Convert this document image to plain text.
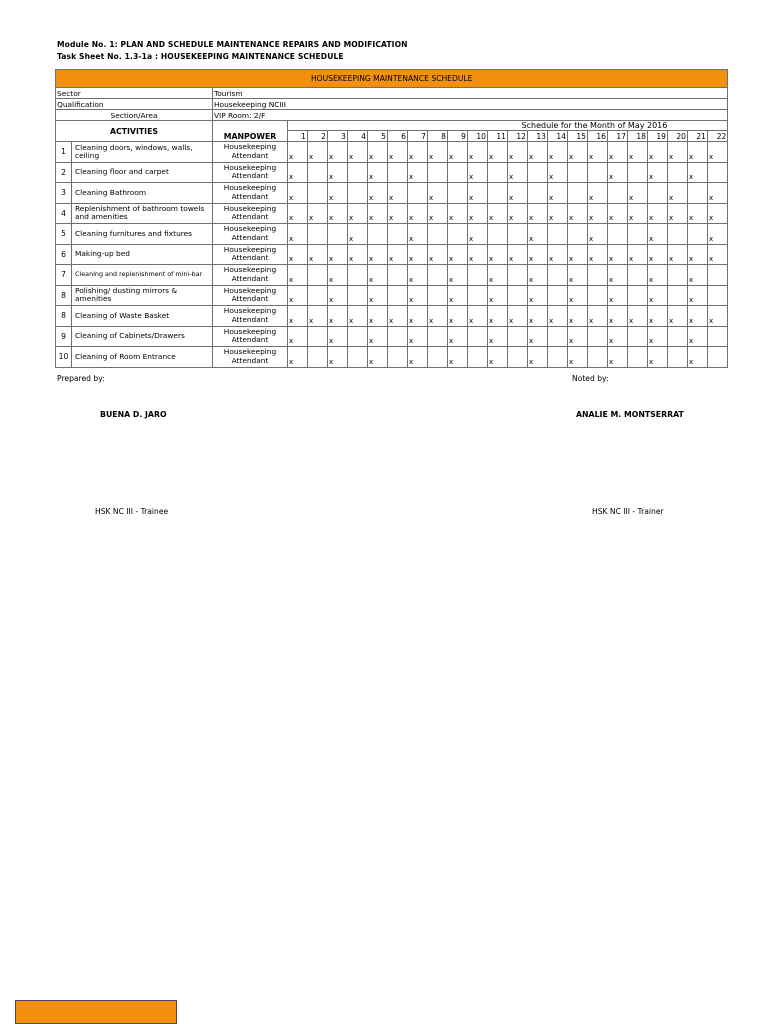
Module No. 1: PLAN AND SCHEDULE MAINTENANCE REPAIRS AND MODIFICATION
Task Sheet No. 1.3-1a : HOUSEKEEPING MAINTENANCE SCHEDULE
HOUSEKEEPING MAINTENANCE SCHEDULE																								
Sector		Tourism																						
Qualification		Housekeeping NCIII																						
Section/Area		VIP Room: 2/F																						
ACTIVITIES		MANPOWER	Schedule for the Month of May 2016																					
			1	2	3	4	5	6	7	8	9	10	11	12	13	14	15	16	17	18	19	20	21	22
1	Cleaning doors, windows, walls, ceiling	Housekeeping Attendant	x	x	x	x	x	x	x	x	x	x	x	x	x	x	x	x	x	x	x	x	x	x
2	Cleaning floor and carpet	Housekeeping Attendant	x		x		x		x			x		x		x			x		x		x	
3	Cleaning Bathroom	Housekeeping Attendant	x		x		x	x		x		x		x		x		x		x		x		x
4	Replenishment of bathroom towels and amenities	Housekeeping Attendant	x	x	x	x	x	x	x	x	x	x	x	x	x	x	x	x	x	x	x	x	x	x
5	Cleaning furnitures and fixtures	Housekeeping Attendant	x			x			x			x			x			x			x			x
6	Making-up bed	Housekeeping Attendant	x	x	x	x	x	x	x	x	x	x	x	x	x	x	x	x	x	x	x	x	x	x
7	Cleaning and replenishment of mini-bar	Housekeeping Attendant	x		x		x		x		x		x		x		x		x		x		x	
8	Polishing/ dusting mirrors & amenities	Housekeeping Attendant	x		x		x		x		x		x		x		x		x		x		x	
8	Cleaning of Waste Basket	Housekeeping Attendant	x	x	x	x	x	x	x	x	x	x	x	x	x	x	x	x	x	x	x	x	x	x
9	Cleaning of Cabinets/Drawers	Housekeeping Attendant	x		x		x		x		x		x		x		x		x		x		x	
10	Cleaning of Room Entrance	Housekeeping Attendant	x		x		x		x		x		x		x		x		x		x		x	
Prepared by:	Noted by:
BUENA D. JARO	ANALIE M. MONTSERRAT
HSK NC III - Trainee	HSK NC III - Trainer
